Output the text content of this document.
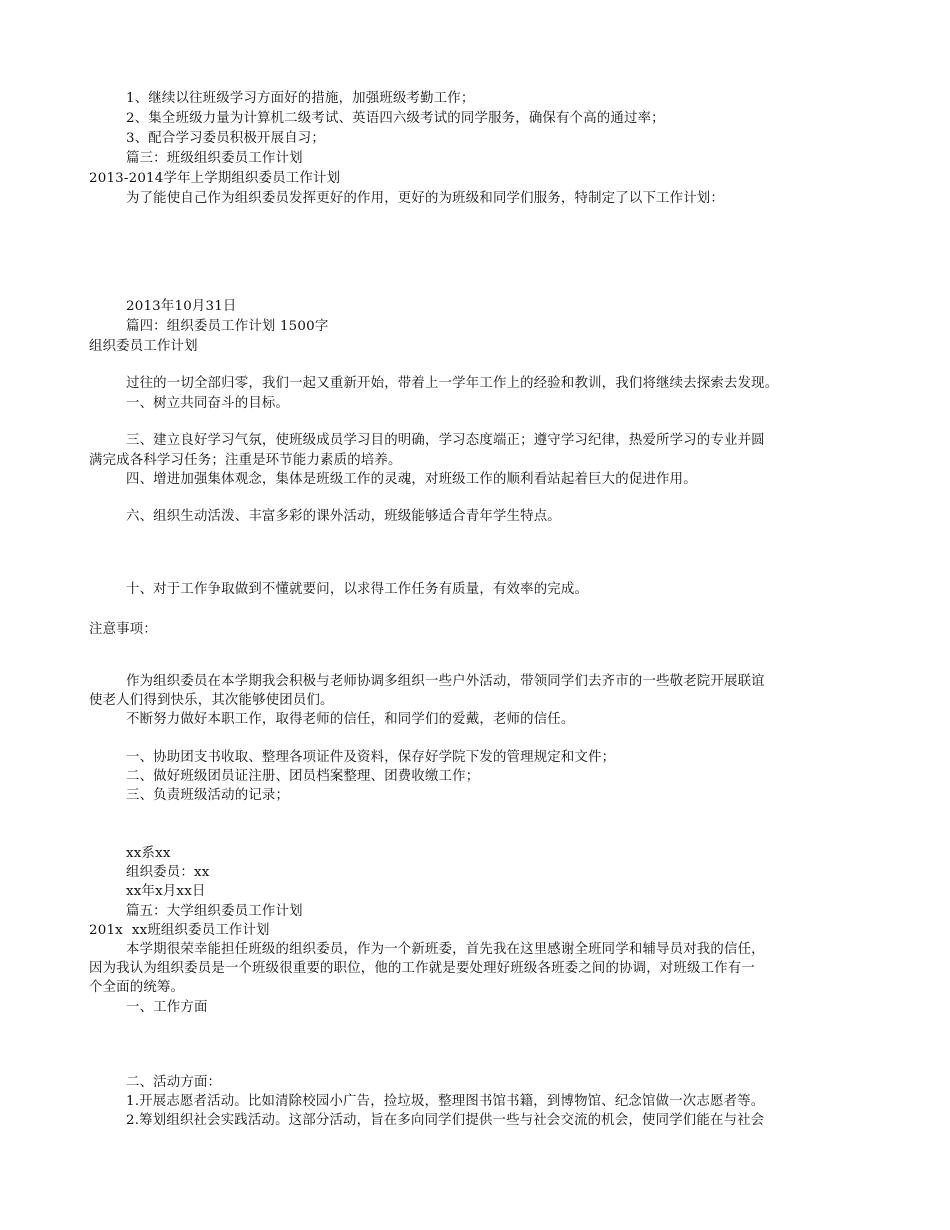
1、继续以往班级学习方面好的措施，加强班级考勤工作；
2、集全班级力量为计算机二级考试、英语四六级考试的同学服务，确保有个高的通过率；
3、配合学习委员积极开展自习；
篇三：班级组织委员工作计划
2013-2014学年上学期组织委员工作计划
为了能使自己作为组织委员发挥更好的作用，更好的为班级和同学们服务，特制定了以下工作计划：
2013年10月31日
篇四：组织委员工作计划 1500字
组织委员工作计划
过往的一切全部归零，我们一起又重新开始，带着上一学年工作上的经验和教训，我们将继续去探索去发现。
一、树立共同奋斗的目标。
三、建立良好学习气氛，使班级成员学习目的明确，学习态度端正；遵守学习纪律，热爱所学习的专业并圆
满完成各科学习任务；注重是环节能力素质的培养。
四、增进加强集体观念，集体是班级工作的灵魂，对班级工作的顺利看站起着巨大的促进作用。
六、组织生动活泼、丰富多彩的课外活动，班级能够适合青年学生特点。
十、对于工作争取做到不懂就要问，以求得工作任务有质量，有效率的完成。
注意事项：
作为组织委员在本学期我会积极与老师协调多组织一些户外活动，带领同学们去齐市的一些敬老院开展联谊
使老人们得到快乐，其次能够使团员们。
不断努力做好本职工作，取得老师的信任，和同学们的爱戴，老师的信任。
一、协助团支书收取、整理各项证件及资料，保存好学院下发的管理规定和文件；
二、做好班级团员证注册、团员档案整理、团费收缴工作；
三、负责班级活动的记录；
xx系xx
组织委员：xx
xx年x月xx日
篇五：大学组织委员工作计划
201x  xx班组织委员工作计划
本学期很荣幸能担任班级的组织委员，作为一个新班委，首先我在这里感谢全班同学和辅导员对我的信任，
因为我认为组织委员是一个班级很重要的职位，他的工作就是要处理好班级各班委之间的协调，对班级工作有一
个全面的统筹。
一、工作方面
二、活动方面：
1.开展志愿者活动。比如清除校园小广告，捡垃圾，整理图书馆书籍，到博物馆、纪念馆做一次志愿者等。
2.筹划组织社会实践活动。这部分活动，旨在多向同学们提供一些与社会交流的机会，使同学们能在与社会
